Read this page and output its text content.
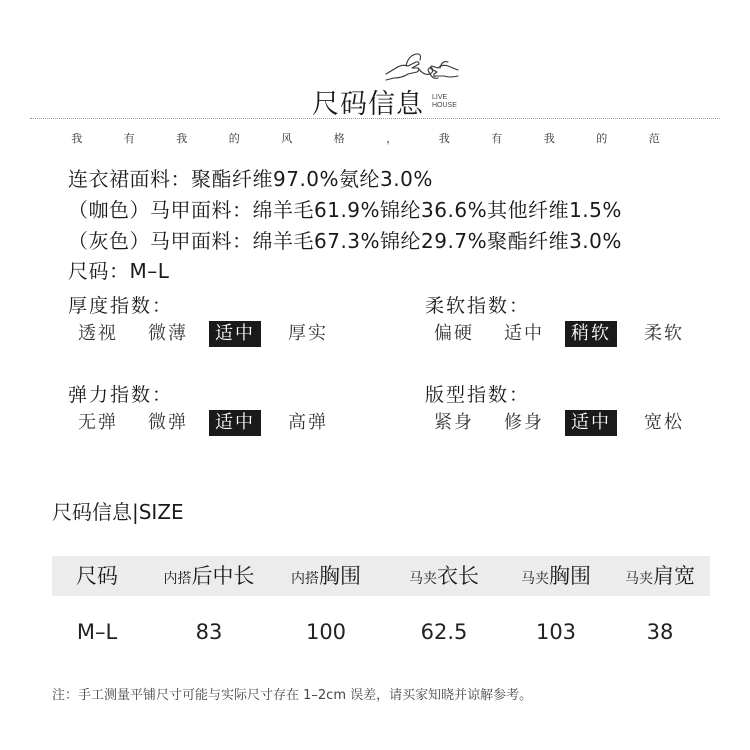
尺码信息 LIVE
HOUSE
我 有 我 的 风 格 ， 我 有 我 的 范
连衣裙面料：聚酯纤维97.0%氨纶3.0%
（咖色）马甲面料：绵羊毛61.9%锦纶36.6%其他纤维1.5%
（灰色）马甲面料：绵羊毛67.3%锦纶29.7%聚酯纤维3.0%
尺码：M–L
厚度指数：
透视	微薄	适中	厚实
柔软指数：
偏硬	适中	稍软	柔软
弹力指数：
无弹	微弹	适中	高弹
版型指数：
紧身	修身	适中	宽松
尺码信息|SIZE
尺码	内搭后中长	内搭胸围	马夹衣长	马夹胸围	马夹肩宽
M–L	83	100	62.5	103	38
注：手工测量平铺尺寸可能与实际尺寸存在 1–2cm 误差，请买家知晓并谅解参考。
